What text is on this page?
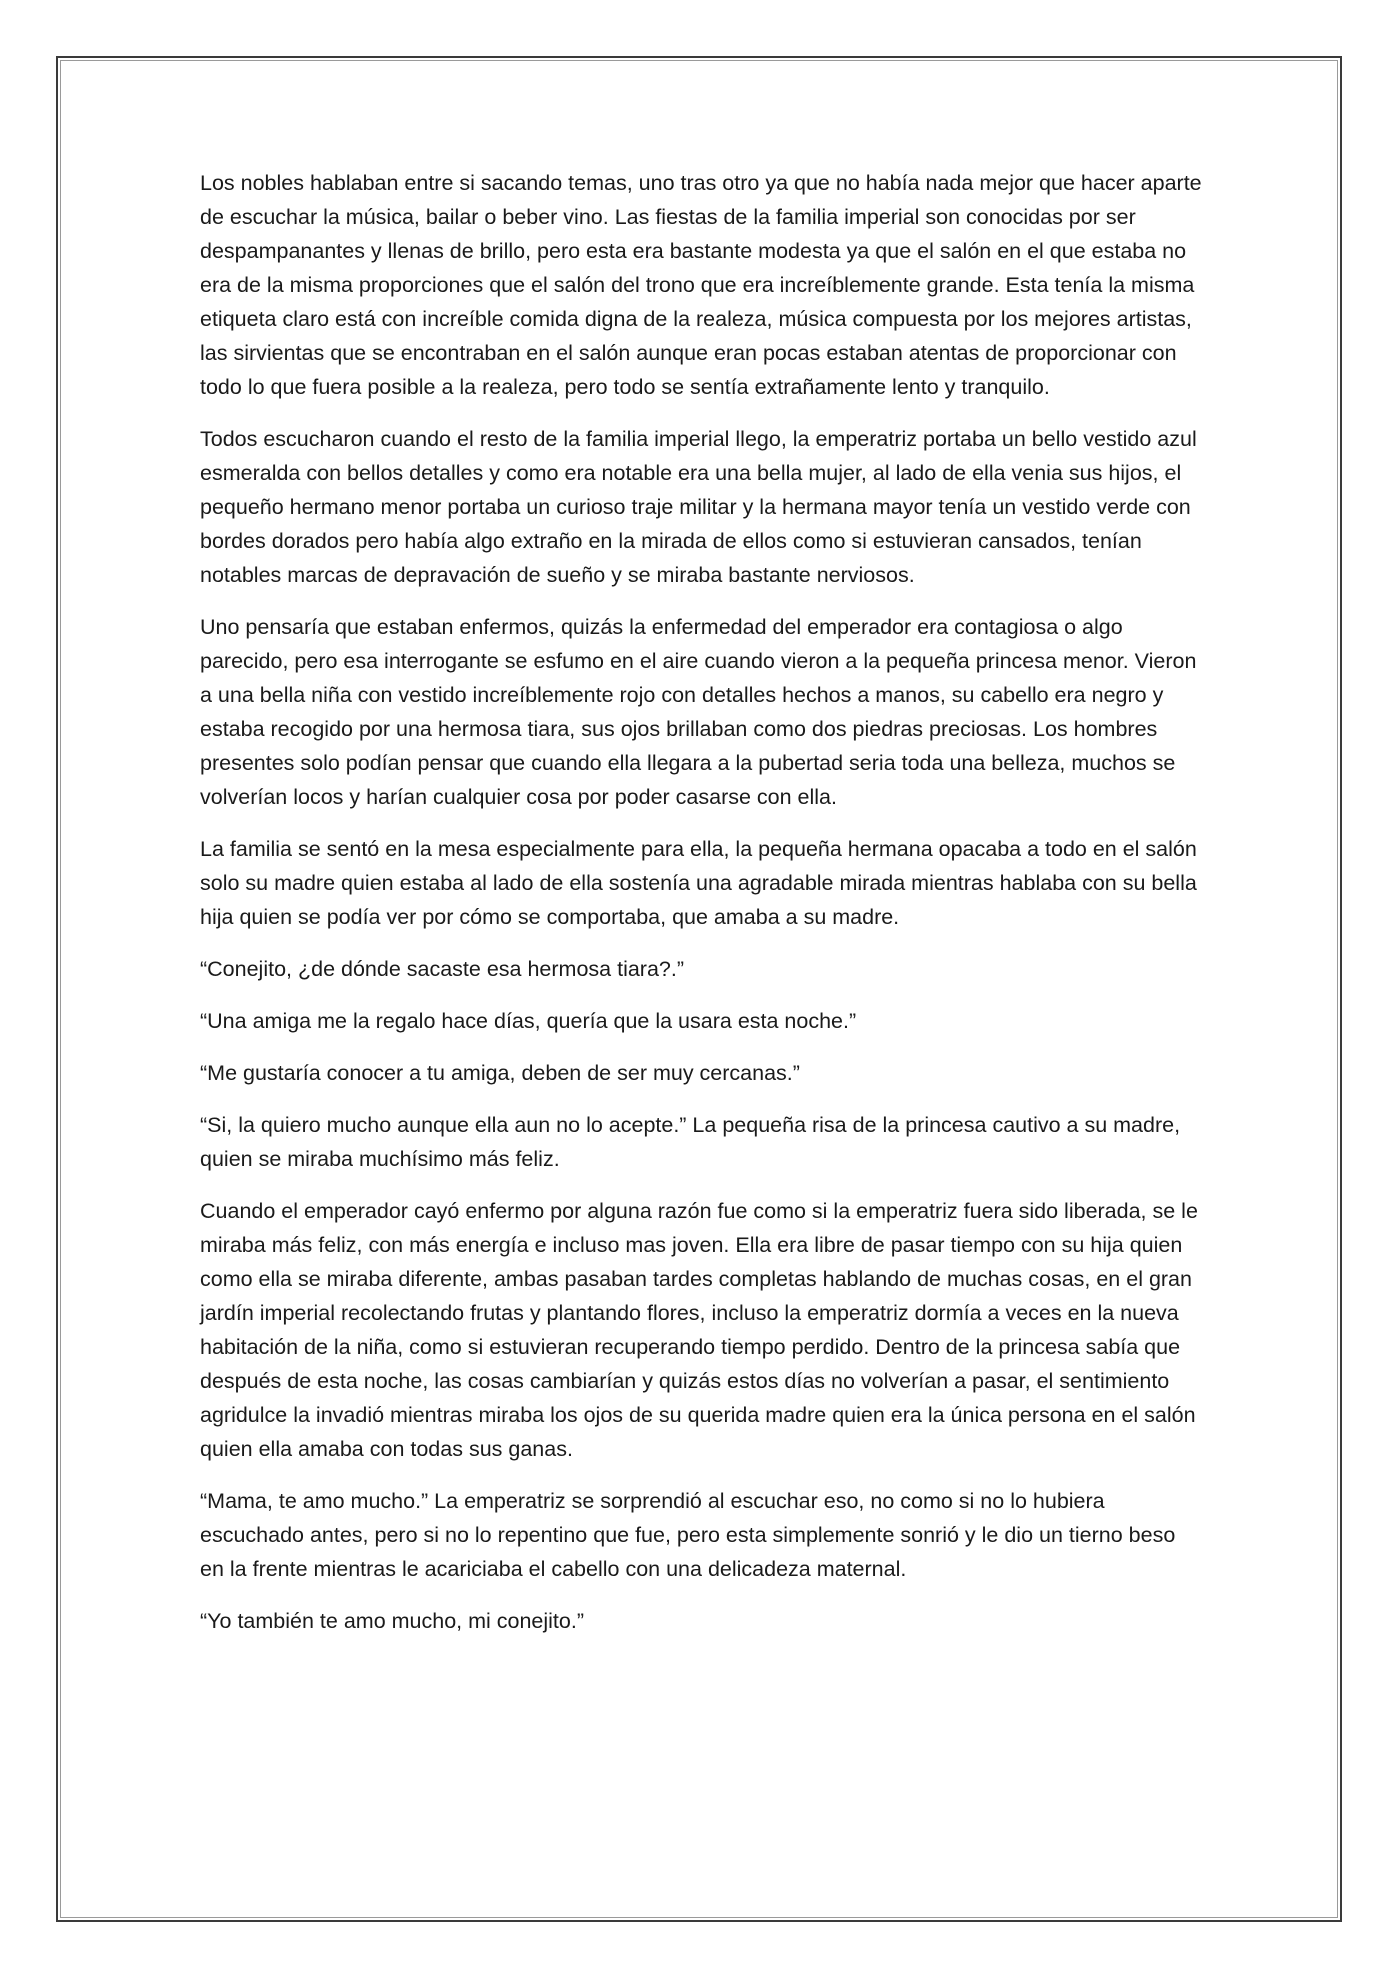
Los nobles hablaban entre si sacando temas, uno tras otro ya que no había nada mejor que hacer aparte de escuchar la música, bailar o beber vino. Las fiestas de la familia imperial son conocidas por ser despampanantes y llenas de brillo, pero esta era bastante modesta ya que el salón en el que estaba no era de la misma proporciones que el salón del trono que era increíblemente grande. Esta tenía la misma etiqueta claro está con increíble comida digna de la realeza, música compuesta por los mejores artistas, las sirvientas que se encontraban en el salón aunque eran pocas estaban atentas de proporcionar con todo lo que fuera posible a la realeza, pero todo se sentía extrañamente lento y tranquilo.

Todos escucharon cuando el resto de la familia imperial llego, la emperatriz portaba un bello vestido azul esmeralda con bellos detalles y como era notable era una bella mujer, al lado de ella venia sus hijos, el pequeño hermano menor portaba un curioso traje militar y la hermana mayor tenía un vestido verde con bordes dorados pero había algo extraño en la mirada de ellos como si estuvieran cansados, tenían notables marcas de depravación de sueño y se miraba bastante nerviosos.

Uno pensaría que estaban enfermos, quizás la enfermedad del emperador era contagiosa o algo parecido, pero esa interrogante se esfumo en el aire cuando vieron a la pequeña princesa menor. Vieron a una bella niña con vestido increíblemente rojo con detalles hechos a manos, su cabello era negro y estaba recogido por una hermosa tiara, sus ojos brillaban como dos piedras preciosas. Los hombres presentes solo podían pensar que cuando ella llegara a la pubertad seria toda una belleza, muchos se volverían locos y harían cualquier cosa por poder casarse con ella.

La familia se sentó en la mesa especialmente para ella, la pequeña hermana opacaba a todo en el salón solo su madre quien estaba al lado de ella sostenía una agradable mirada mientras hablaba con su bella hija quien se podía ver por cómo se comportaba, que amaba a su madre.

“Conejito, ¿de dónde sacaste esa hermosa tiara?.”

“Una amiga me la regalo hace días, quería que la usara esta noche.”

“Me gustaría conocer a tu amiga, deben de ser muy cercanas.”

“Si, la quiero mucho aunque ella aun no lo acepte.” La pequeña risa de la princesa cautivo a su madre, quien se miraba muchísimo más feliz.

Cuando el emperador cayó enfermo por alguna razón fue como si la emperatriz fuera sido liberada, se le miraba más feliz, con más energía e incluso mas joven. Ella era libre de pasar tiempo con su hija quien como ella se miraba diferente, ambas pasaban tardes completas hablando de muchas cosas, en el gran jardín imperial recolectando frutas y plantando flores, incluso la emperatriz dormía a veces en la nueva habitación de la niña, como si estuvieran recuperando tiempo perdido. Dentro de la princesa sabía que después de esta noche, las cosas cambiarían y quizás estos días no volverían a pasar, el sentimiento agridulce la invadió mientras miraba los ojos de su querida madre quien era la única persona en el salón quien ella amaba con todas sus ganas.

“Mama, te amo mucho.” La emperatriz se sorprendió al escuchar eso, no como si no lo hubiera escuchado antes, pero si no lo repentino que fue, pero esta simplemente sonrió y le dio un tierno beso en la frente mientras le acariciaba el cabello con una delicadeza maternal.

“Yo también te amo mucho, mi conejito.”
